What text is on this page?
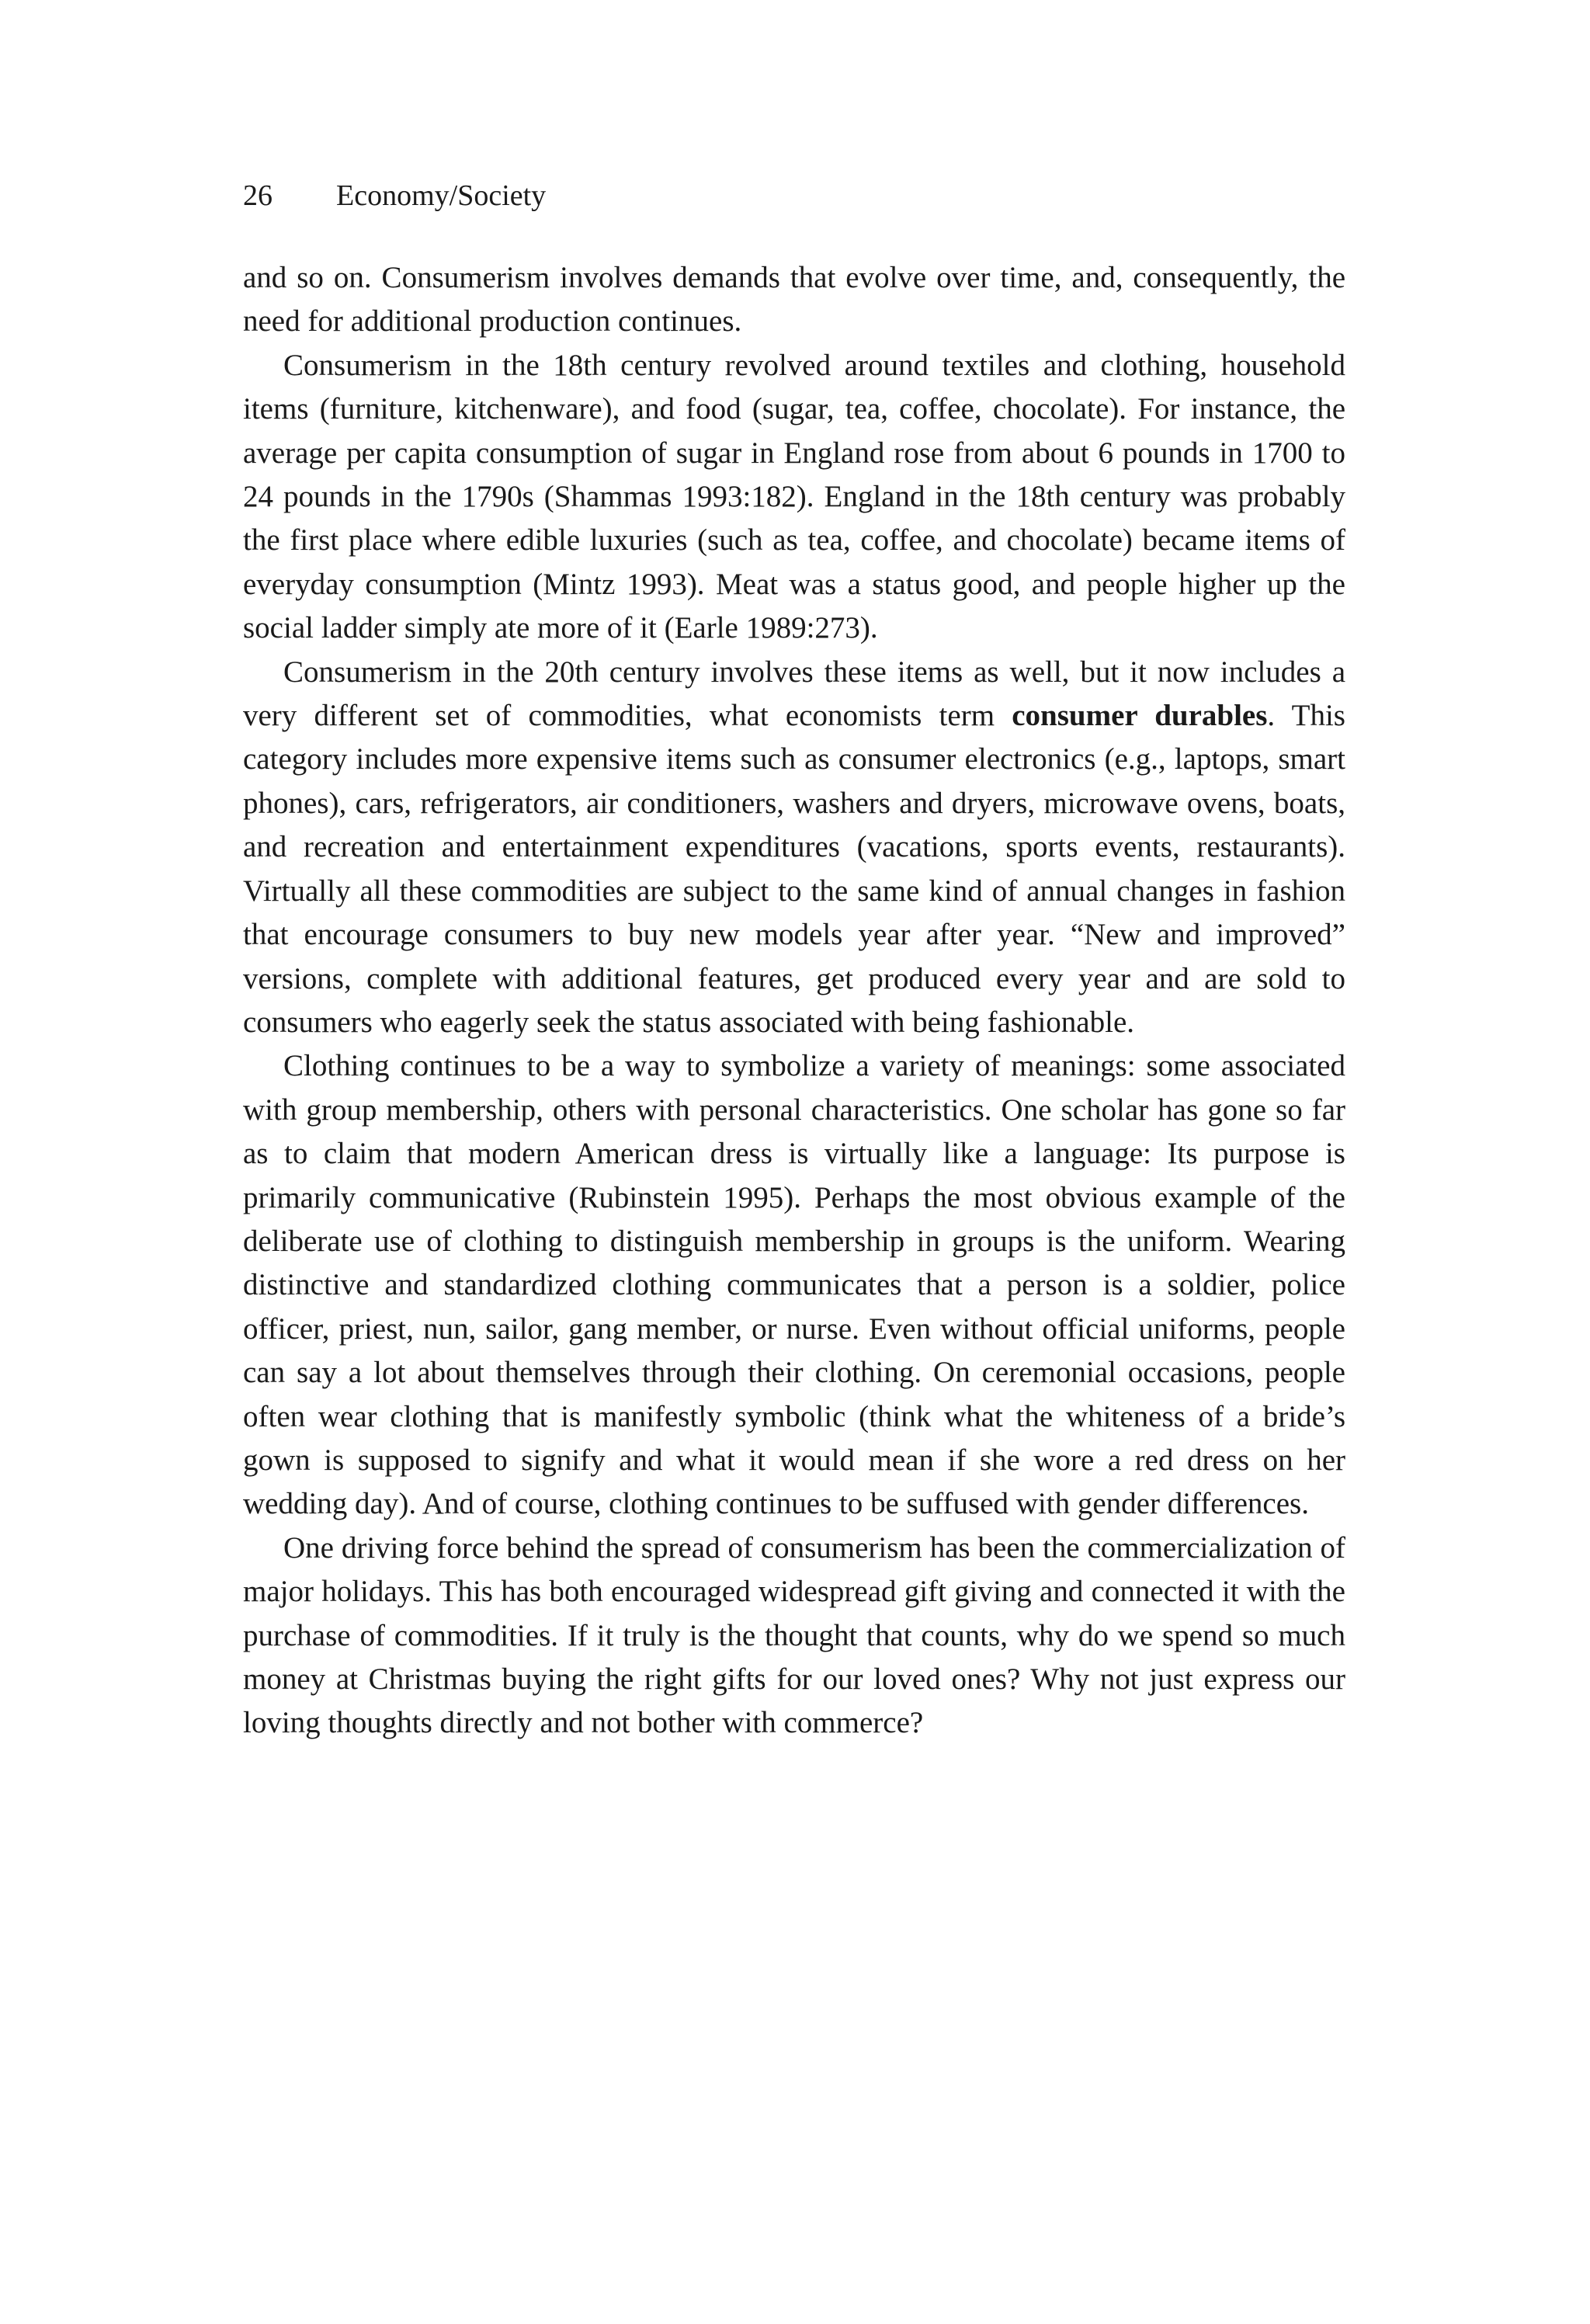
26 Economy/Society

and so on. Consumerism involves demands that evolve over time, and, consequently, the need for additional production continues.

Consumerism in the 18th century revolved around textiles and clothing, household items (furniture, kitchenware), and food (sugar, tea, coffee, chocolate). For instance, the average per capita consumption of sugar in England rose from about 6 pounds in 1700 to 24 pounds in the 1790s (Shammas 1993:182). England in the 18th century was probably the first place where edible luxuries (such as tea, coffee, and chocolate) became items of everyday consumption (Mintz 1993). Meat was a status good, and people higher up the social ladder simply ate more of it (Earle 1989:273).

Consumerism in the 20th century involves these items as well, but it now includes a very different set of commodities, what economists term consumer durables. This category includes more expensive items such as consumer electronics (e.g., laptops, smart phones), cars, refrigerators, air conditioners, washers and dryers, microwave ovens, boats, and recreation and entertainment expenditures (vacations, sports events, restaurants). Virtually all these commodities are subject to the same kind of annual changes in fashion that encourage consumers to buy new models year after year. “New and improved” versions, complete with additional features, get produced every year and are sold to consumers who eagerly seek the status associated with being fashionable.

Clothing continues to be a way to symbolize a variety of meanings: some associated with group membership, others with personal characteristics. One scholar has gone so far as to claim that modern American dress is virtually like a language: Its purpose is primarily communicative (Rubinstein 1995). Perhaps the most obvious example of the deliberate use of clothing to distinguish membership in groups is the uniform. Wearing distinctive and standardized clothing communicates that a person is a soldier, police officer, priest, nun, sailor, gang member, or nurse. Even without official uniforms, people can say a lot about themselves through their clothing. On ceremonial occasions, people often wear clothing that is manifestly symbolic (think what the whiteness of a bride’s gown is supposed to signify and what it would mean if she wore a red dress on her wedding day). And of course, clothing continues to be suffused with gender differences.

One driving force behind the spread of consumerism has been the commercialization of major holidays. This has both encouraged widespread gift giving and connected it with the purchase of commodities. If it truly is the thought that counts, why do we spend so much money at Christmas buying the right gifts for our loved ones? Why not just express our loving thoughts directly and not bother with commerce?
